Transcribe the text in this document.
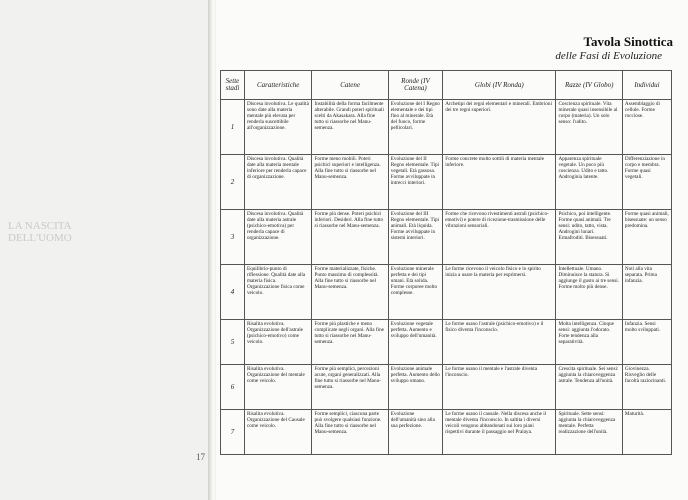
LA NASCITA DELL'UOMO
Tavola Sinottica
delle Fasi di Evoluzione
Sette stadi	Caratteristiche	Catene	Ronde (IV Catena)	Globi (IV Ronda)	Razze (IV Globo)	Individui
1	Discesa involutiva. Le qualità sono date alla materia mentale più elevata per renderla suscettibile all'organizzazione.	Instabilità della forma facilmente alterabile. Grandi poteri spirituali scelti da Akasakara. Alla fine tutto si riassorbe nel Manu-semenza.	Evoluzione del I Regno elementale e dei tipi fino al minerale. Età del fuoco, forme pellicolari.	Archetipi dei regni elementari e minerali. Embrioni dei tre regni superiori.	Coscienza spirituale. Vita minerale quasi insensibile al corpo (materia). Un solo senso: l'udito.	Assemblaggio di cellule. Forme rocciose.
2	Discesa involutiva. Qualità date alla materia mentale inferiore per renderla capace di organizzazione.	Forme meno mobili. Poteri psichici superiori e intelligenza. Alla fine tutto si riassorbe nel Manu-semenza.	Evoluzione del II Regno elementale. Tipi vegetali. Età gassosa. Forme avviluppate in intrecci interiori.	Forme concrete molto sottili di materia mentale inferiore.	Apparenza spirituale vegetale. Un poco più coscienza. Udito e tatto. Androginia latente.	Differenziazione in corpo e membra. Forme quasi vegetali.
3	Discesa involutiva. Qualità date alla materia astrale (psichico-emotiva) per renderla capace di organizzazione.	Forme più dense. Poteri psichici inferiori. Desideri. Alla fine tutto si riassorbe nel Manu-semenza.	Evoluzione del III Regno elementale. Tipi animali. Età liquida. Forme avviluppate in sistemi interiori.	Forme che ricevono rivestimenti astrali (psichico-emotivi) e potere di ricezione-trasmissione delle vibrazioni sensoriali.	Psichico, poi intelligente. Forme quasi animali. Tre sensi: udito, tatto, vista. Androgini lunari. Ermafroditi. Bisessuati.	Forme quasi animali, bisessuate: un senso predomina.
4	Equilibrio-punto di riflessione. Qualità date alla materia fisica. Organizzazione fisica come veicolo.	Forme materializzate, fisiche. Punto massimo di complessità. Alla fine tutto si riassorbe nel Manu-semenza.	Evoluzione minerale perfetta e dei tipi umani. Età solida. Forme corporee molto complesse.	Le forme ricevono il veicolo fisico e lo spirito inizia a usare la materia per esprimersi.	Intellettuale. Umano. Diminuisce la statura. Si aggiunge il gusto ai tre sensi. Forme molto più dense.	Noti alla vita separata. Prima infanzia.
5	Risalita evolutiva. Organizzazione dell'astrale (psichico-emotivo) come veicolo.	Forme più plastiche e meno complicate negli organi. Alla fine tutto si riassorbe nel Manu-semenza.	Evoluzione vegetale perfetta. Aumento e sviluppo dell'umanità.	Le forme usano l'astrale (psichico-emotivo) e il fisico diventa l'inconscio.	Molta intelligenza. Cinque sensi: aggiunta l'odorato. Forte tendenza alla separatività.	Infanzia. Sensi molto sviluppati.
6	Risalita evolutiva. Organizzazione del mentale come veicolo.	Forme più semplici, percezioni acute, organi generalizzati. Alla fine tutto si riassorbe nel Manu-semenza.	Evoluzione animale perfetta. Aumento dello sviluppo umano.	Le forme usano il mentale e l'astrale diventa l'inconscio.	Crescita spirituale. Sei sensi: aggiunta la chiaroveggenza astrale. Tendenza all'unità.	Giovinezza. Risveglio delle facoltà raziocinanti.
7	Risalita evolutiva. Organizzazione del Causale come veicolo.	Forme semplici, ciascuna parte può svolgere qualsiasi funzione. Alla fine tutto si riassorbe nel Manu-semenza.	Evoluzione dell'umanità sino alla sua perfezione.	Le forme usano il causale. Nella discesa anche il mentale diventa l'inconscio. In saltita i diversi veicoli vengono abbandonati sui loro piani rispettivi durante il passaggio nel Pralaya.	Spirituale. Sette sensi: aggiunta la chiaroveggenza mentale. Perfetta realizzazione dell'unità.	Maturità.
17
